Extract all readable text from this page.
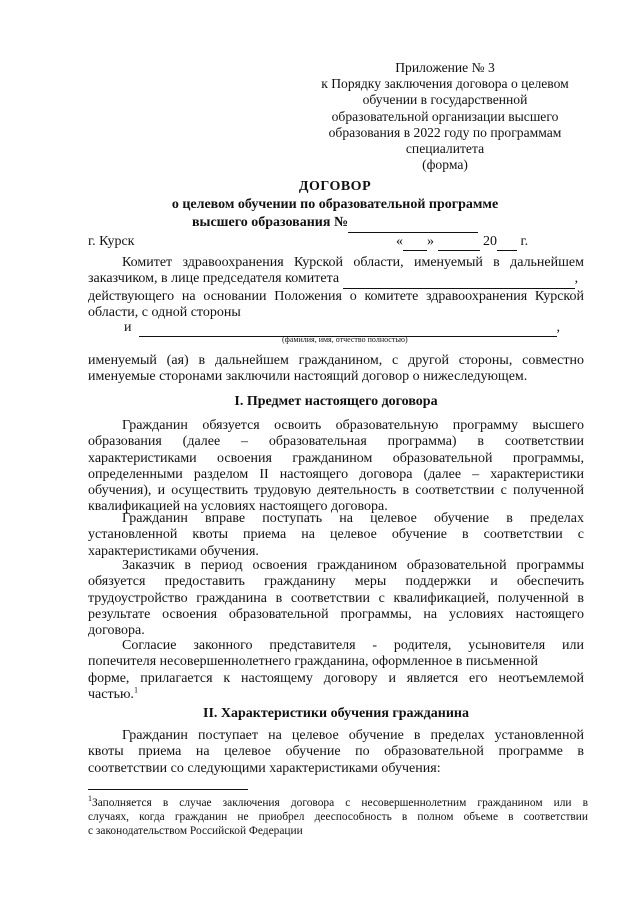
Приложение № 3
к Порядку заключения договора о целевом
обучении в государственной
образовательной организации высшего
образования в 2022 году по программам
специалитета
(форма)
ДОГОВОР
о целевом обучении по образовательной программе
высшего образования №
г. Курск	« »	20 г.
Комитет здравоохранения Курской области, именуемый в дальнейшем
заказчиком, в лице председателя комитета	,
действующего на основании Положения о комитете здравоохранения Курской
области, с одной стороны
и	,
(фамилия, имя, отчество полностью)
именуемый (ая) в дальнейшем гражданином, с другой стороны, совместно
именуемые сторонами заключили настоящий договор о нижеследующем.
I. Предмет настоящего договора
Гражданин обязуется освоить образовательную программу высшего
образования (далее – образовательная программа) в соответствии
характеристиками освоения гражданином образовательной программы,
определенными разделом II настоящего договора (далее – характеристики
обучения), и осуществить трудовую деятельность в соответствии с полученной
квалификацией на условиях настоящего договора.
Гражданин вправе поступать на целевое обучение в пределах
установленной квоты приема на целевое обучение в соответствии с
характеристиками обучения.
Заказчик в период освоения гражданином образовательной программы
обязуется предоставить гражданину меры поддержки и обеспечить
трудоустройство гражданина в соответствии с квалификацией, полученной в
результате освоения образовательной программы, на условиях настоящего
договора.
Согласие законного представителя - родителя, усыновителя или
попечителя несовершеннолетнего гражданина, оформленное в письменной
форме, прилагается к настоящему договору и является его неотъемлемой
частью.$^1$
II. Характеристики обучения гражданина
Гражданин поступает на целевое обучение в пределах установленной
квоты приема на целевое обучение по образовательной программе в
соответствии со следующими характеристиками обучения:
$^1$Заполняется в случае заключения договора с несовершеннолетним гражданином или в
случаях, когда гражданин не приобрел дееспособность в полном объеме в соответствии
с законодательством Российской Федерации
